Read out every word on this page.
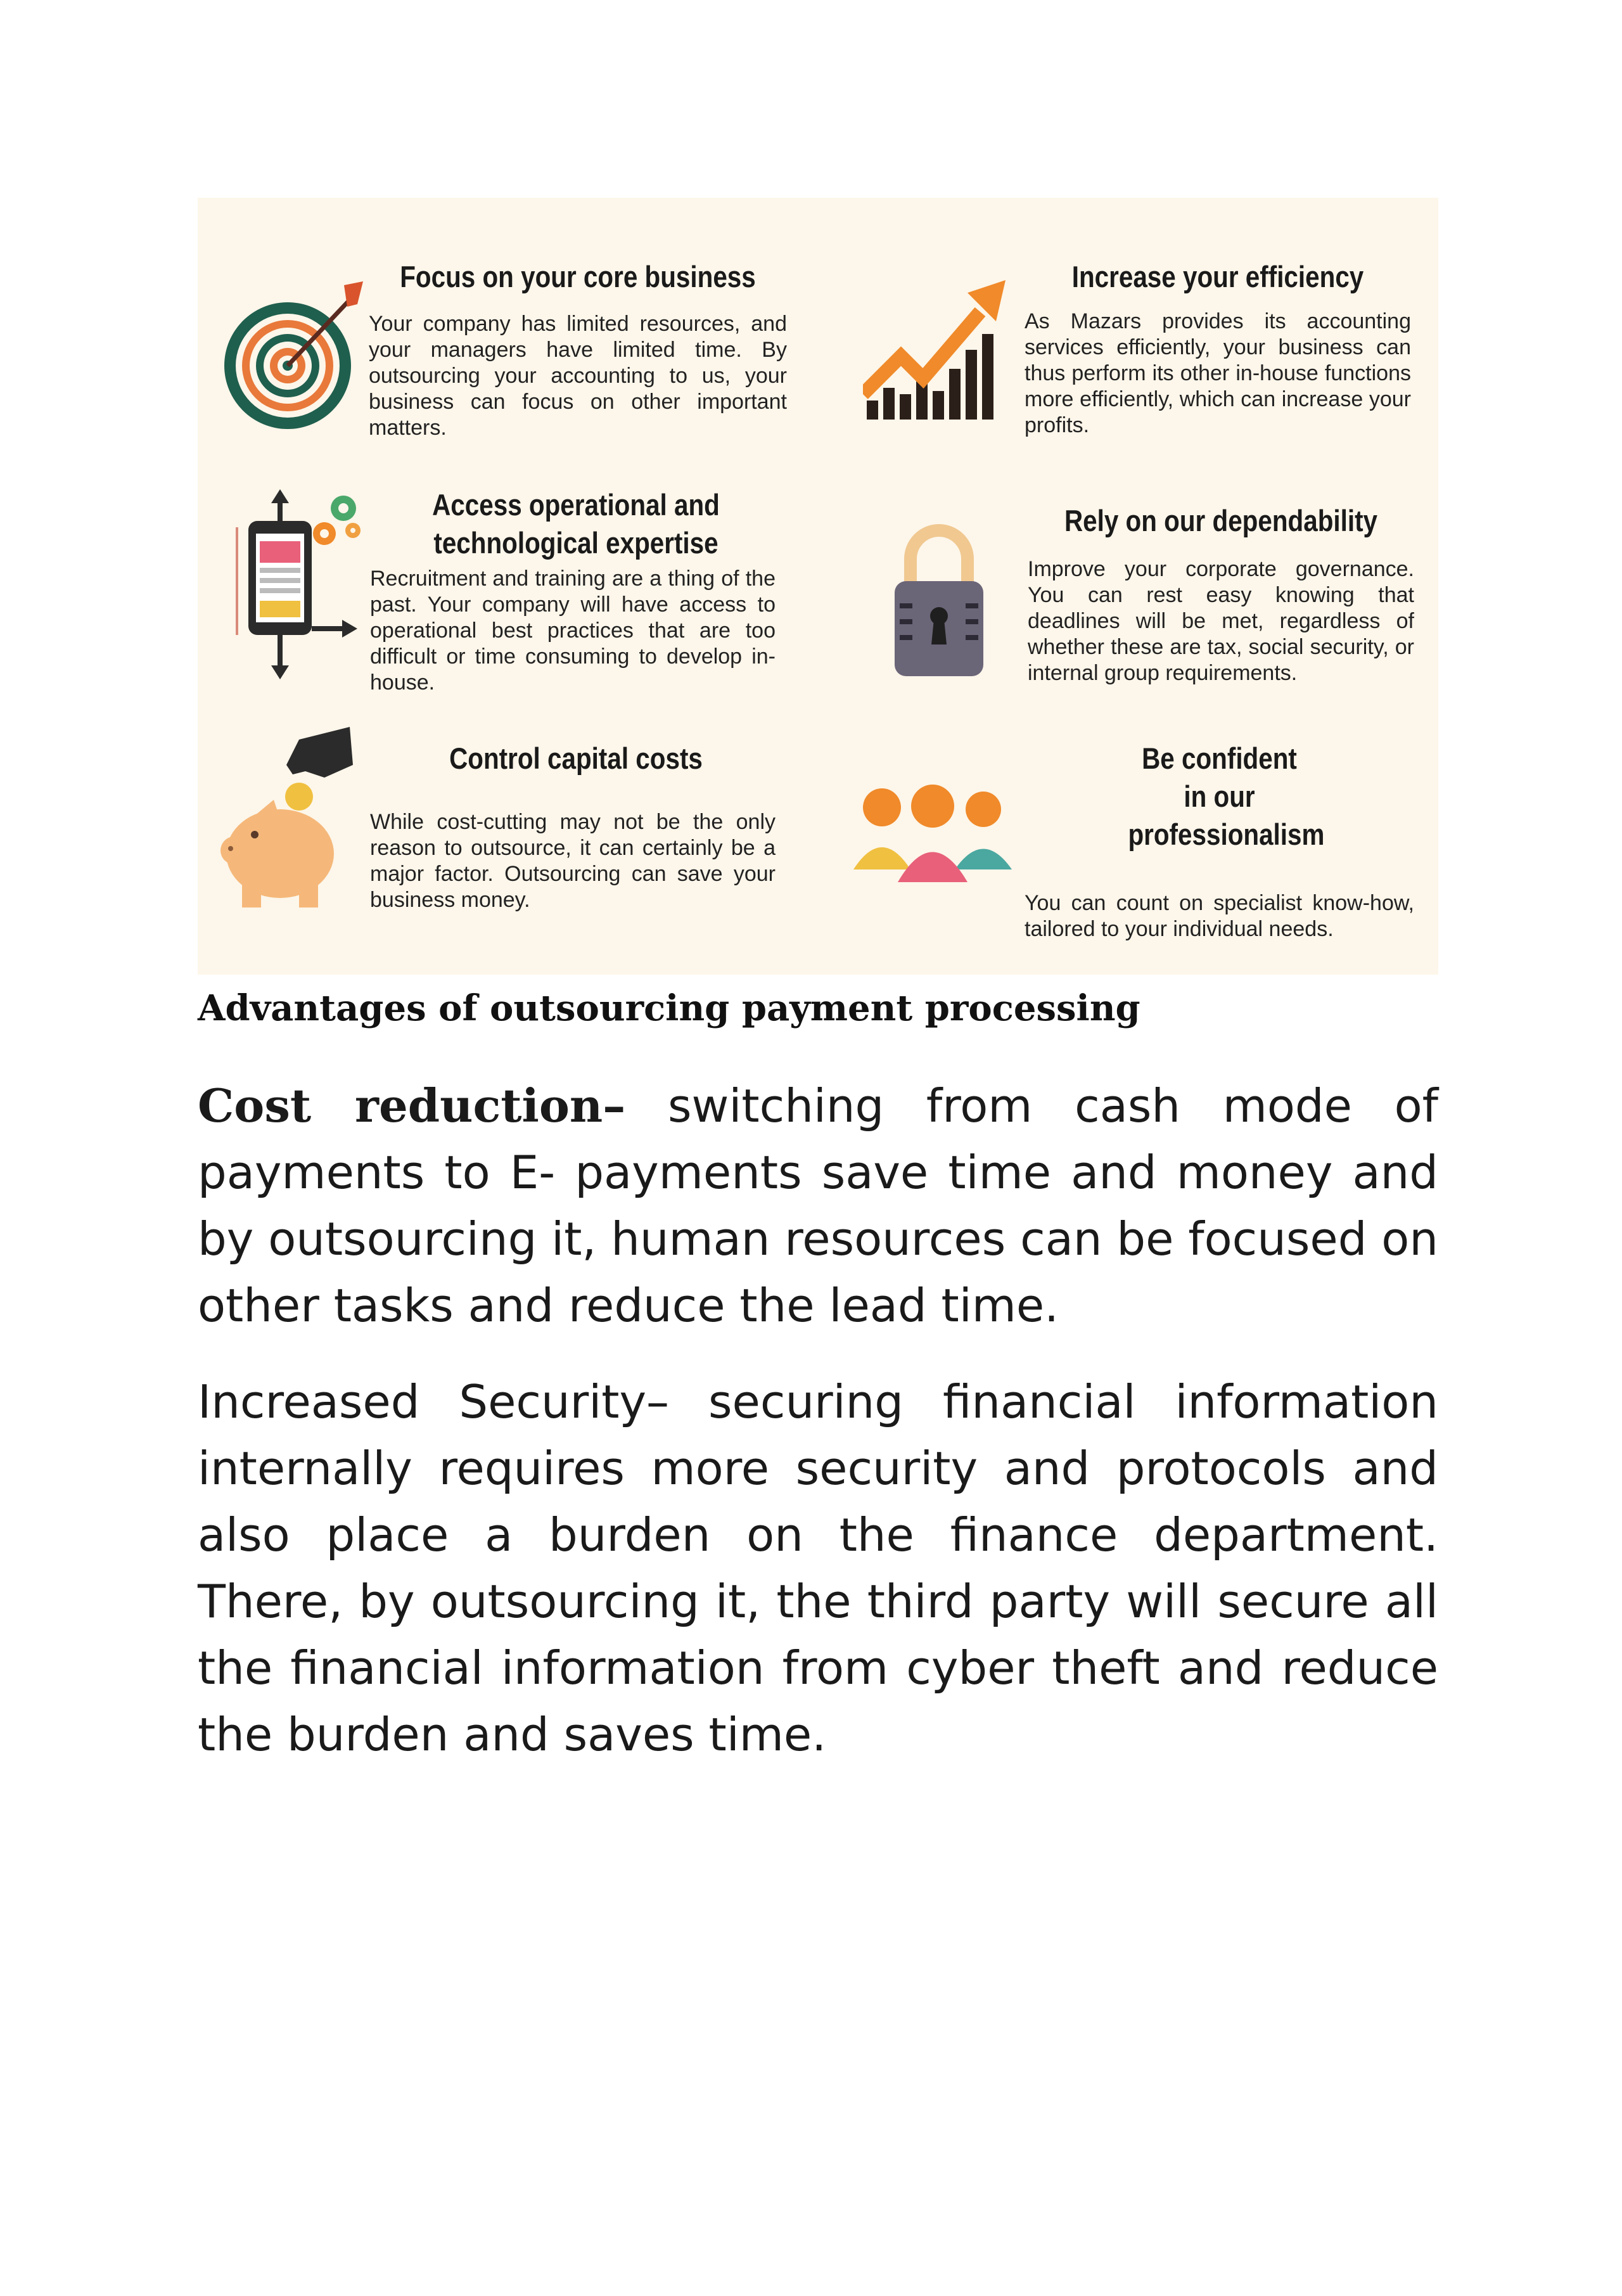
Focus on your core business

Your company has limited resources, and your managers have limited time. By outsourcing your accounting to us, your business can focus on other important matters.

Increase your efficiency

As Mazars provides its accounting services efficiently, your business can thus perform its other in-house functions more efficiently, which can increase your profits.

Access operational and technological expertise

Recruitment and training are a thing of the past. Your company will have access to operational best practices that are too difficult or time consuming to develop in-house.

Rely on our dependability

Improve your corporate governance. You can rest easy knowing that deadlines will be met, regardless of whether these are tax, social security, or internal group requirements.

Control capital costs

While cost-cutting may not be the only reason to outsource, it can certainly be a major factor. Outsourcing can save your business money.

Be confident in our professionalism

You can count on specialist know-how, tailored to your individual needs.

Advantages of outsourcing payment processing

Cost reduction– switching from cash mode of payments to E- payments save time and money and by outsourcing it, human resources can be focused on other tasks and reduce the lead time.

Increased Security– securing financial information internally requires more security and protocols and also place a burden on the finance department. There, by outsourcing it, the third party will secure all the financial information from cyber theft and reduce the burden and saves time.
